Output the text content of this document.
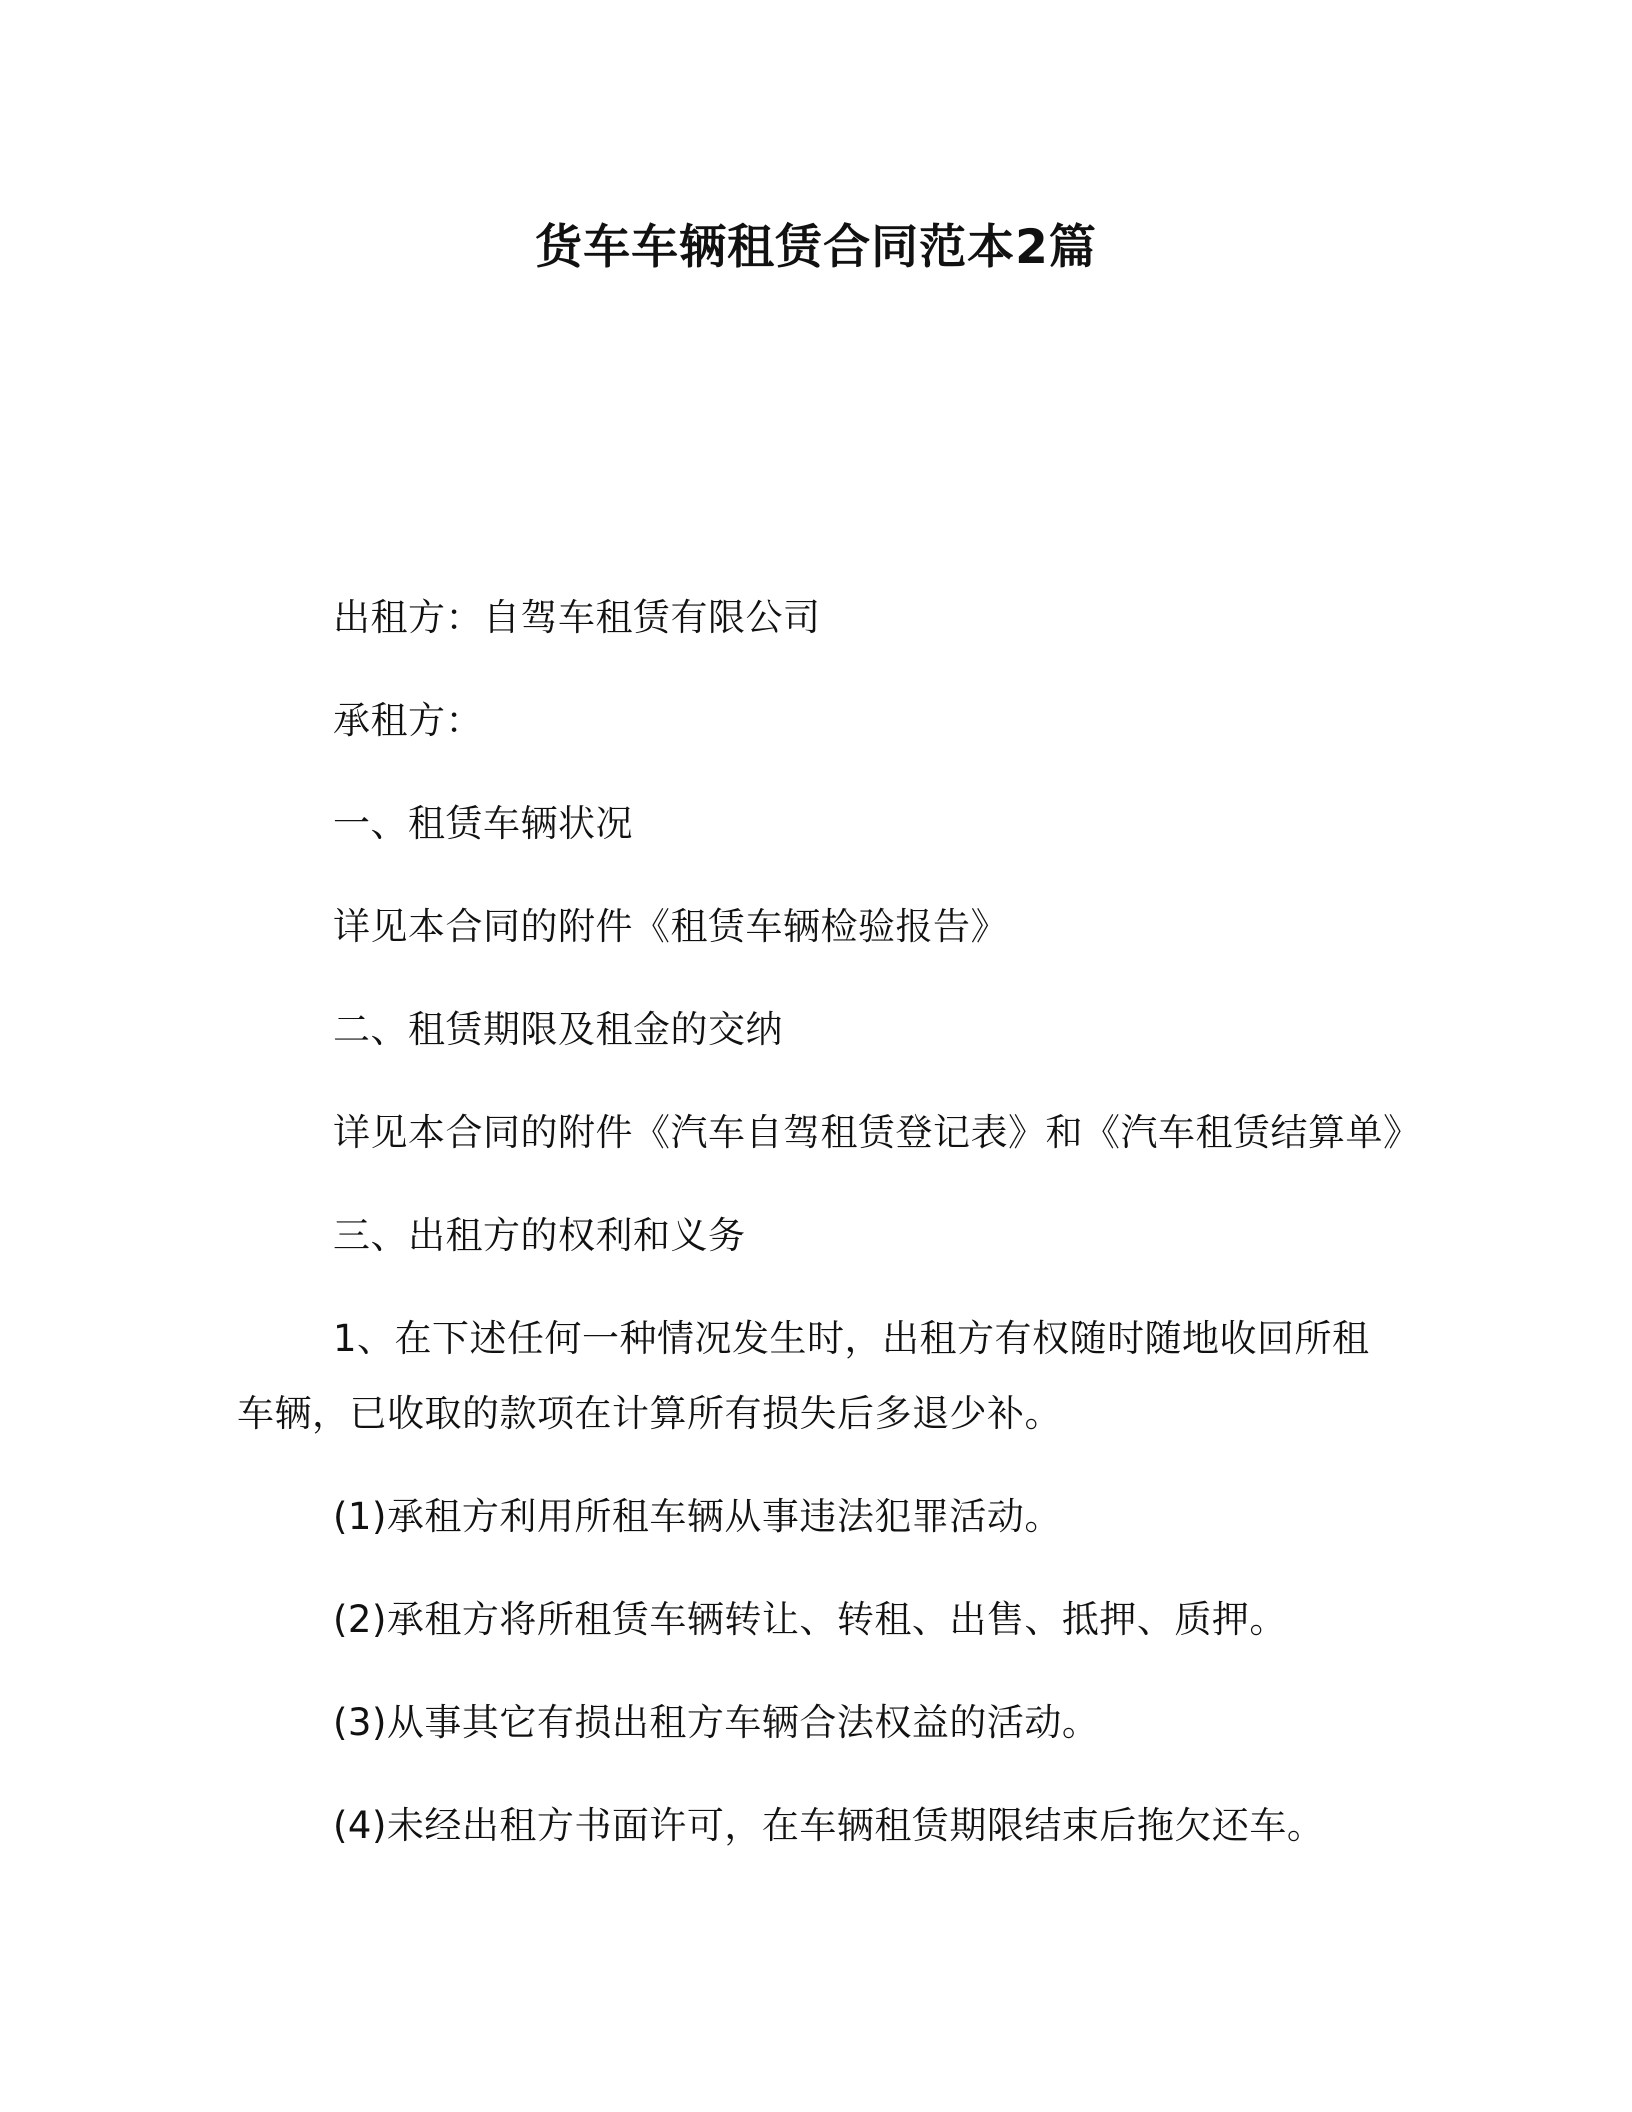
货车车辆租赁合同范本2篇
出租方：自驾车租赁有限公司
承租方：
一、租赁车辆状况
详见本合同的附件《租赁车辆检验报告》
二、租赁期限及租金的交纳
详见本合同的附件《汽车自驾租赁登记表》和《汽车租赁结算单》
三、出租方的权利和义务
1、在下述任何一种情况发生时，出租方有权随时随地收回所租
车辆，已收取的款项在计算所有损失后多退少补。
(1)承租方利用所租车辆从事违法犯罪活动。
(2)承租方将所租赁车辆转让、转租、出售、抵押、质押。
(3)从事其它有损出租方车辆合法权益的活动。
(4)未经出租方书面许可，在车辆租赁期限结束后拖欠还车。
